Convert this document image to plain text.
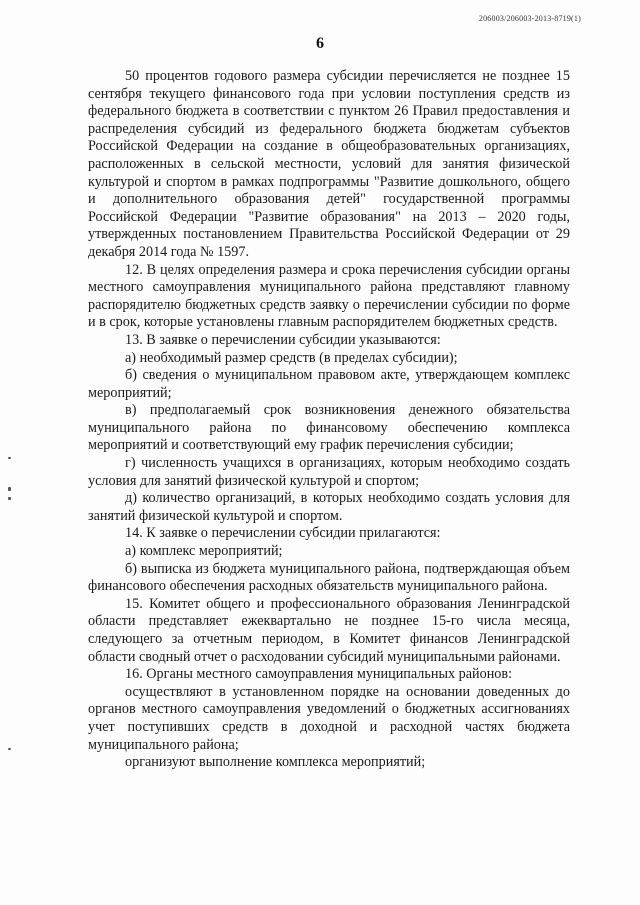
206003/206003-2013-8719(1)
6

50 процентов годового размера субсидии перечисляется не позднее 15 сентября текущего финансового года при условии поступления средств из федерального бюджета в соответствии с пунктом 26 Правил предоставления и распределения субсидий из федерального бюджета бюджетам субъектов Российской Федерации на создание в общеобразовательных организациях, расположенных в сельской местности, условий для занятия физической культурой и спортом в рамках подпрограммы "Развитие дошкольного, общего и дополнительного образования детей" государственной программы Российской Федерации "Развитие образования" на 2013 – 2020 годы, утвержденных постановлением Правительства Российской Федерации от 29 декабря 2014 года № 1597.

12. В целях определения размера и срока перечисления субсидии органы местного самоуправления муниципального района представляют главному распорядителю бюджетных средств заявку о перечислении субсидии по форме и в срок, которые установлены главным распорядителем бюджетных средств.

13. В заявке о перечислении субсидии указываются:

а) необходимый размер средств (в пределах субсидии);

б) сведения о муниципальном правовом акте, утверждающем комплекс мероприятий;

в) предполагаемый срок возникновения денежного обязательства муниципального района по финансовому обеспечению комплекса мероприятий и соответствующий ему график перечисления субсидии;

г) численность учащихся в организациях, которым необходимо создать условия для занятий физической культурой и спортом;

д) количество организаций, в которых необходимо создать условия для занятий физической культурой и спортом.

14. К заявке о перечислении субсидии прилагаются:

а) комплекс мероприятий;

б) выписка из бюджета муниципального района, подтверждающая объем финансового обеспечения расходных обязательств муниципального района.

15. Комитет общего и профессионального образования Ленинградской области представляет ежеквартально не позднее 15-го числа месяца, следующего за отчетным периодом, в Комитет финансов Ленинградской области сводный отчет о расходовании субсидий муниципальными районами.

16. Органы местного самоуправления муниципальных районов:

осуществляют в установленном порядке на основании доведенных до органов местного самоуправления уведомлений о бюджетных ассигнованиях учет поступивших средств в доходной и расходной частях бюджета муниципального района;

организуют выполнение комплекса мероприятий;
